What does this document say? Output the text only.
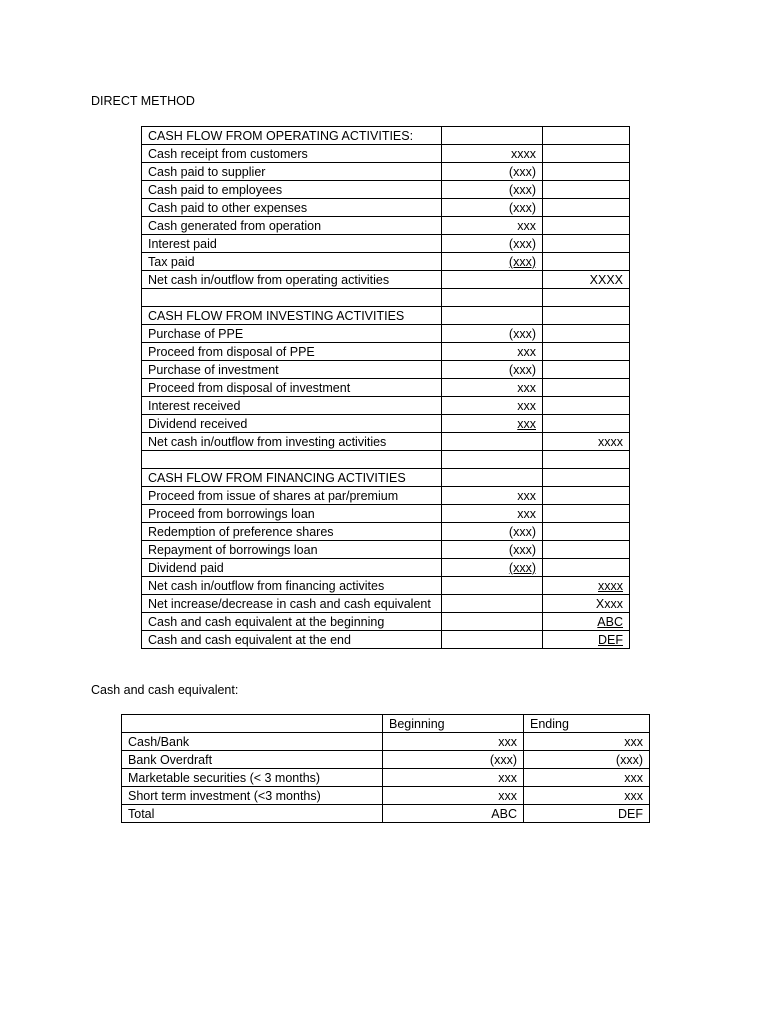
DIRECT METHOD
CASH FLOW FROM OPERATING ACTIVITIES:		
Cash receipt from customers	xxxx	
Cash paid to supplier	(xxx)	
Cash paid to employees	(xxx)	
Cash paid to other expenses	(xxx)	
Cash generated from operation	xxx	
Interest paid	(xxx)	
Tax paid	(xxx)	
Net cash in/outflow from operating activities		XXXX

CASH FLOW FROM INVESTING ACTIVITIES		
Purchase of PPE	(xxx)	
Proceed from disposal of PPE	xxx	
Purchase of investment	(xxx)	
Proceed from disposal of investment	xxx	
Interest received	xxx	
Dividend received	xxx	
Net cash in/outflow from investing activities		xxxx

CASH FLOW FROM FINANCING ACTIVITIES		
Proceed from issue of shares at par/premium	xxx	
Proceed from borrowings loan	xxx	
Redemption of preference shares	(xxx)	
Repayment of borrowings loan	(xxx)	
Dividend paid	(xxx)	
Net cash in/outflow from financing activites		xxxx
Net increase/decrease in cash and cash equivalent		Xxxx
Cash and cash equivalent at the beginning		ABC
Cash and cash equivalent at the end		DEF
Cash and cash equivalent:
	Beginning	Ending
Cash/Bank	xxx	xxx
Bank Overdraft	(xxx)	(xxx)
Marketable securities (< 3 months)	xxx	xxx
Short term investment (<3 months)	xxx	xxx
Total	ABC	DEF
